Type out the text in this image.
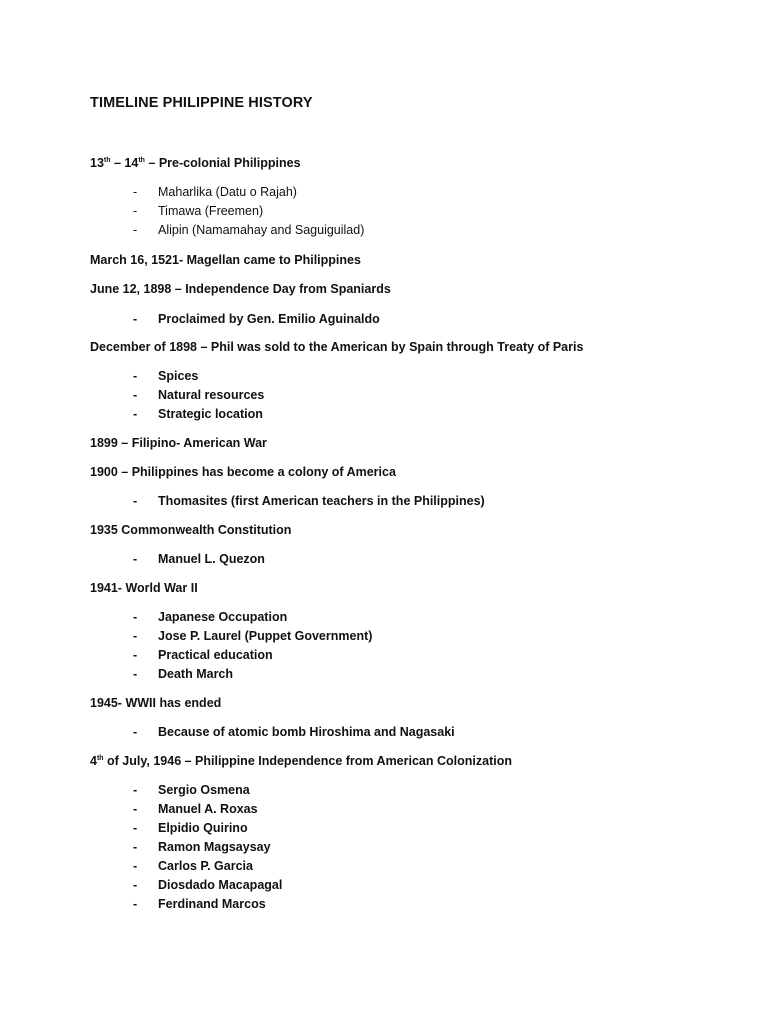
TIMELINE PHILIPPINE HISTORY
13th – 14th – Pre-colonial Philippines
- Maharlika (Datu o Rajah)
- Timawa (Freemen)
- Alipin (Namamahay and Saguiguilad)
March 16, 1521- Magellan came to Philippines
June 12, 1898 – Independence Day from Spaniards
- Proclaimed by Gen. Emilio Aguinaldo
December of 1898 – Phil was sold to the American by Spain through Treaty of Paris
- Spices
- Natural resources
- Strategic location
1899 – Filipino- American War
1900 – Philippines has become a colony of America
- Thomasites (first American teachers in the Philippines)
1935 Commonwealth Constitution
- Manuel L. Quezon
1941- World War II
- Japanese Occupation
- Jose P. Laurel (Puppet Government)
- Practical education
- Death March
1945- WWII has ended
- Because of atomic bomb Hiroshima and Nagasaki
4th of July, 1946 – Philippine Independence from American Colonization
- Sergio Osmena
- Manuel A. Roxas
- Elpidio Quirino
- Ramon Magsaysay
- Carlos P. Garcia
- Diosdado Macapagal
- Ferdinand Marcos
